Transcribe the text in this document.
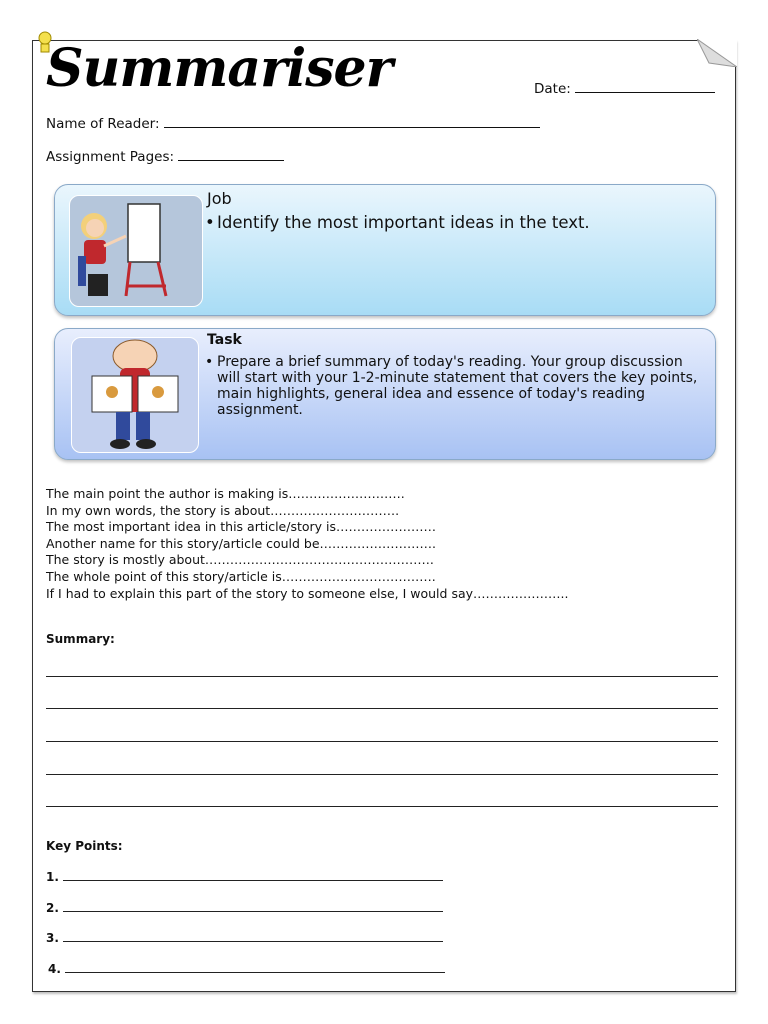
Summariser	Date:
Name of Reader:
Assignment Pages:
Job
• Identify the most important ideas in the text.
Task
• Prepare a brief summary of today's reading. Your group discussion will start with your 1-2-minute statement that covers the key points, main highlights, general idea and essence of today's reading assignment.
The main point the author is making is……………………….
In my own words, the story is about………………………….
The most important idea in this article/story is……………………
Another name for this story/article could be……………………….
The story is mostly about……………………………………………….
The whole point of this story/article is……………………………….
If I had to explain this part of the story to someone else, I would say…………………..
Summary:
Key Points:
1.
2.
3.
4.
